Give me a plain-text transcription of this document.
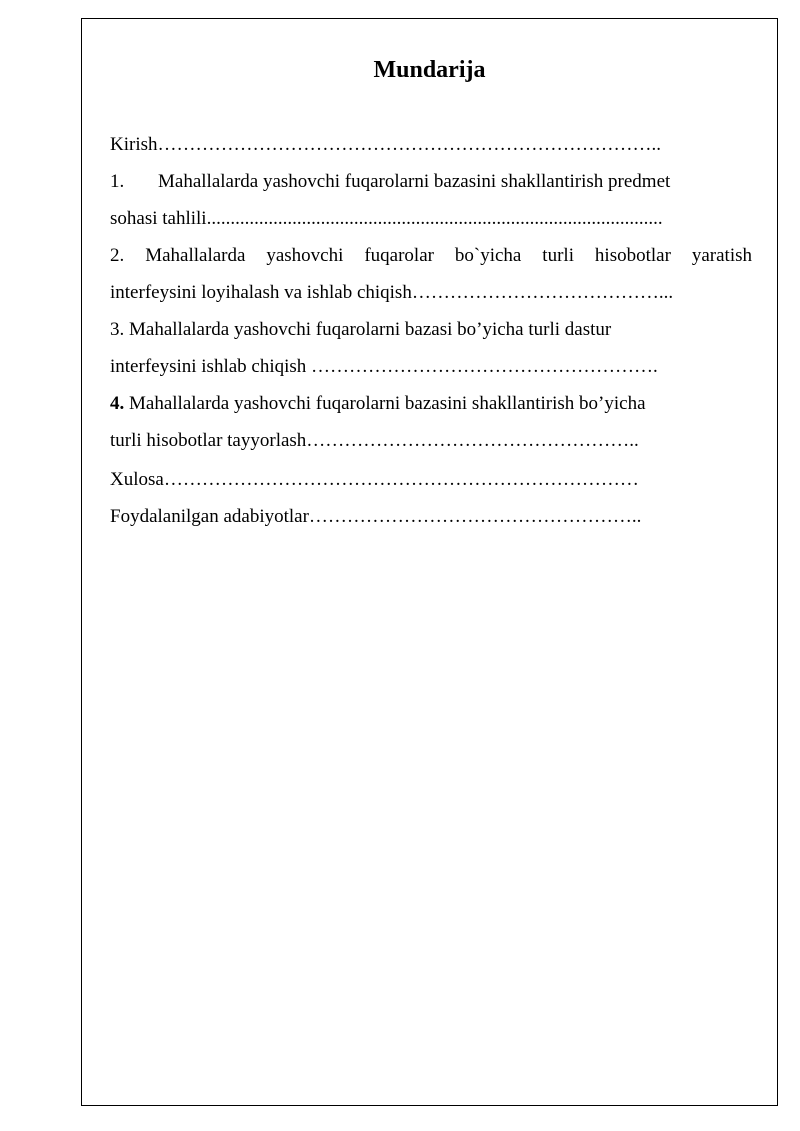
Mundarija
Kirish……………………………………………………………………..
1. Mahallalarda yashovchi fuqarolarni bazasini shakllantirish predmet
sohasi tahlili................................................................................................
2. Mahallalarda yashovchi fuqarolar bo`yicha turli hisobotlar yaratish
interfeysini loyihalash va ishlab chiqish…………………………………...
3. Mahallalarda yashovchi fuqarolarni bazasi bo’yicha turli dastur
interfeysini ishlab chiqish ……………………………………………….
4. Mahallalarda yashovchi fuqarolarni bazasini shakllantirish bo’yicha
turli hisobotlar tayyorlash……………………………………………..
Xulosa…………………………………………………………………
Foydalanilgan adabiyotlar……………………………………………..
